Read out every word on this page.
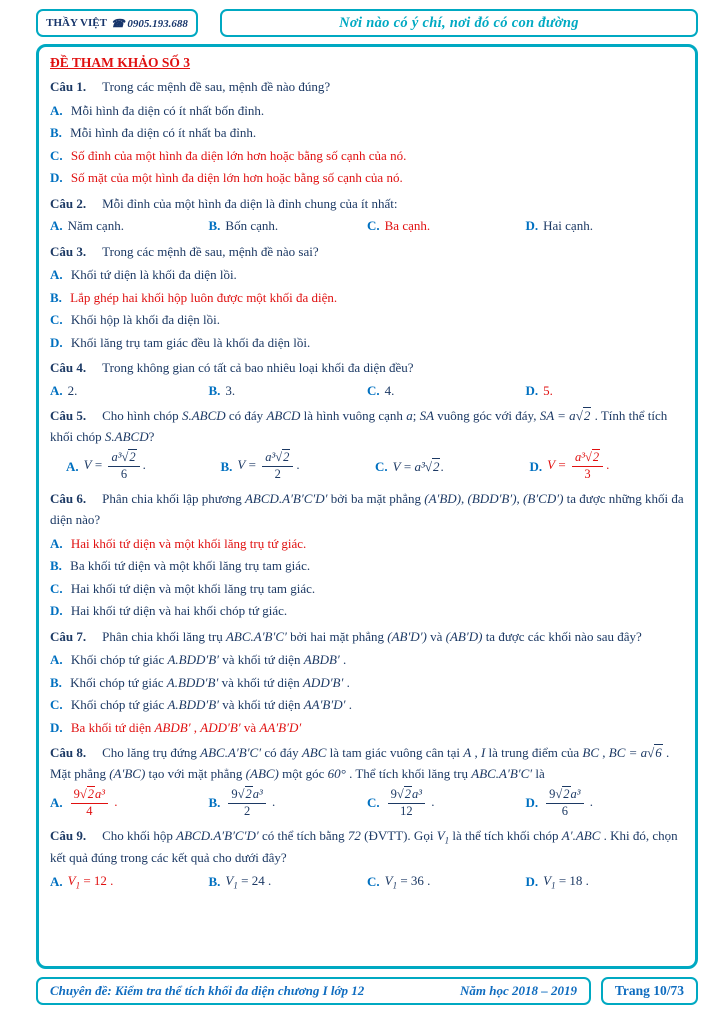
THẦY VIỆT ☎ 0905.193.688	Nơi nào có ý chí, nơi đó có con đường
ĐỀ THAM KHẢO SỐ 3

Câu 1. Trong các mệnh đề sau, mệnh đề nào đúng?

A. Mỗi hình đa diện có ít nhất bốn đỉnh.

B. Mỗi hình đa diện có ít nhất ba đỉnh.

C. Số đỉnh của một hình đa diện lớn hơn hoặc bằng số cạnh của nó.

D. Số mặt của một hình đa diện lớn hơn hoặc bằng số cạnh của nó.

Câu 2. Mỗi đỉnh của một hình đa diện là đỉnh chung của ít nhất:

A. Năm cạnh.	B. Bốn cạnh.	C. Ba cạnh.	D. Hai cạnh.

Câu 3. Trong các mệnh đề sau, mệnh đề nào sai?

A. Khối tứ diện là khối đa diện lồi.

B. Lắp ghép hai khối hộp luôn được một khối đa diện.

C. Khối hộp là khối đa diện lồi.

D. Khối lăng trụ tam giác đều là khối đa diện lồi.

Câu 4. Trong không gian có tất cả bao nhiêu loại khối đa diện đều?

A. 2.	B. 3.	C. 4.	D. 5.

Câu 5. Cho hình chóp S.ABCD có đáy ABCD là hình vuông cạnh a; SA vuông góc với đáy, SA = a√2 . Tính thể tích khối chóp S.ABCD?

A. $V = \frac{\text{a³√2}}{6}$ .	B. $V = \frac{\text{a³√2}}{2}$ .	C. V = a³√2.	D. $V = \frac{\text{a³√2}}{3}$ .

Câu 6. Phân chia khối lập phương ABCD.A′B′C′D′ bởi ba mặt phẳng (A′BD), (BDD′B′), (B′CD′) ta được những khối đa diện nào?

A. Hai khối tứ diện và một khối lăng trụ tứ giác.

B. Ba khối tứ diện và một khối lăng trụ tam giác.

C. Hai khối tứ diện và một khối lăng trụ tam giác.

D. Hai khối tứ diện và hai khối chóp tứ giác.

Câu 7. Phân chia khối lăng trụ ABC.A′B′C′ bởi hai mặt phẳng (AB′D′) và (AB′D) ta được các khối nào sau đây?

A. Khối chóp tứ giác A.BDD′B′ và khối tứ diện ABDB′ .

B. Khối chóp tứ giác A.BDD′B′ và khối tứ diện ADD′B′ .

C. Khối chóp tứ giác A.BDD′B′ và khối tứ diện AA′B′D′ .

D. Ba khối tứ diện ABDB′ , ADD′B′ và AA′B′D′

Câu 8. Cho lăng trụ đứng ABC.A′B′C′ có đáy ABC là tam giác vuông cân tại A , I là trung điểm của BC , BC = a√6 . Mặt phẳng (A′BC) tạo với mặt phẳng (ABC) một góc 60° . Thể tích khối lăng trụ ABC.A′B′C′ là

A. $\frac{\text{9√2a³}}{4}$ .	B. $\frac{\text{9√2a³}}{2}$ .	C. $\frac{\text{9√2a³}}{12}$ .	D. $\frac{\text{9√2a³}}{6}$ .

Câu 9. Cho khối hộp ABCD.A′B′C′D′ có thể tích bằng 72 (ĐVTT). Gọi $V_1$ là thể tích khối chóp A′.ABC . Khi đó, chọn kết quả đúng trong các kết quả cho dưới đây?

A. $V_1 = 12$ .	B. $V_1 = 24$ .	C. $V_1 = 36$ .	D. $V_1 = 18$ .
Chuyên đề: Kiểm tra thể tích khối đa diện chương I lớp 12	Năm học 2018 – 2019	Trang 10/73
